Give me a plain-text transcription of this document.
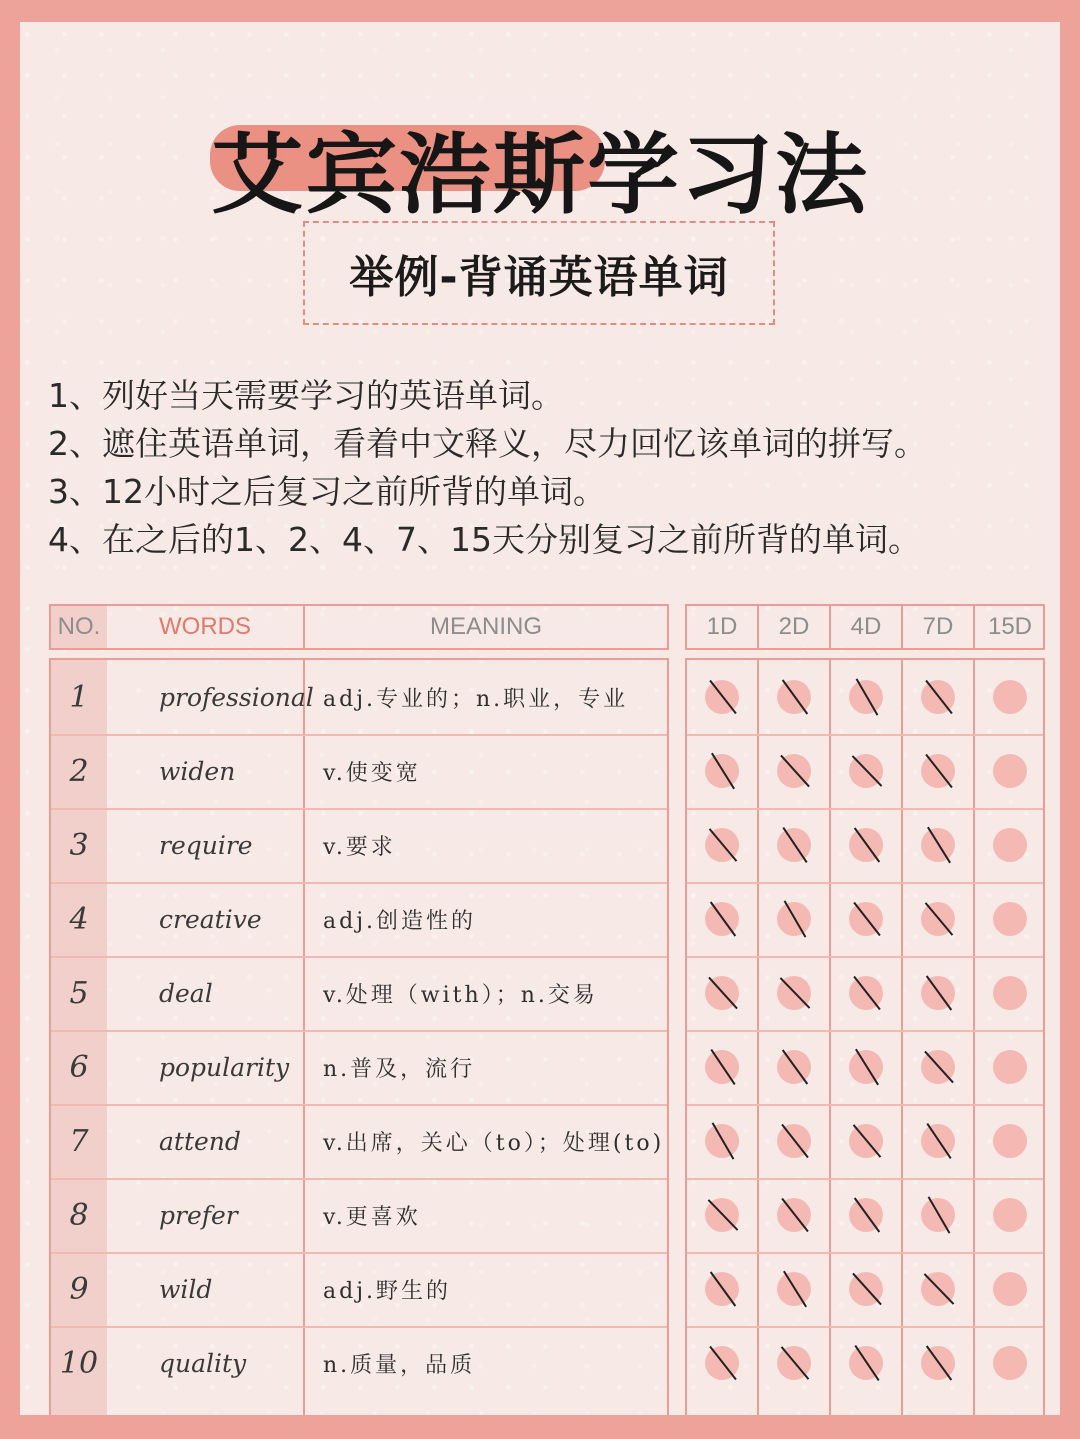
艾宾浩斯学习法
举例-背诵英语单词
1、列好当天需要学习的英语单词。
2、遮住英语单词，看着中文释义，尽力回忆该单词的拼写。
3、12小时之后复习之前所背的单词。
4、在之后的1、2、4、7、15天分别复习之前所背的单词。
NO.	WORDS	MEANING	1D	2D	4D	7D	15D
1	professional adj.专业的；n.职业，专业
2	widen	v.使变宽
3	require	v.要求
4	creative	adj.创造性的
5	deal	v.处理（with）；n.交易
6	popularity n.普及，流行
7	attend	v.出席，关心（to）；处理(to)
8	prefer	v.更喜欢
9	wild	adj.野生的
10	quality	n.质量，品质
